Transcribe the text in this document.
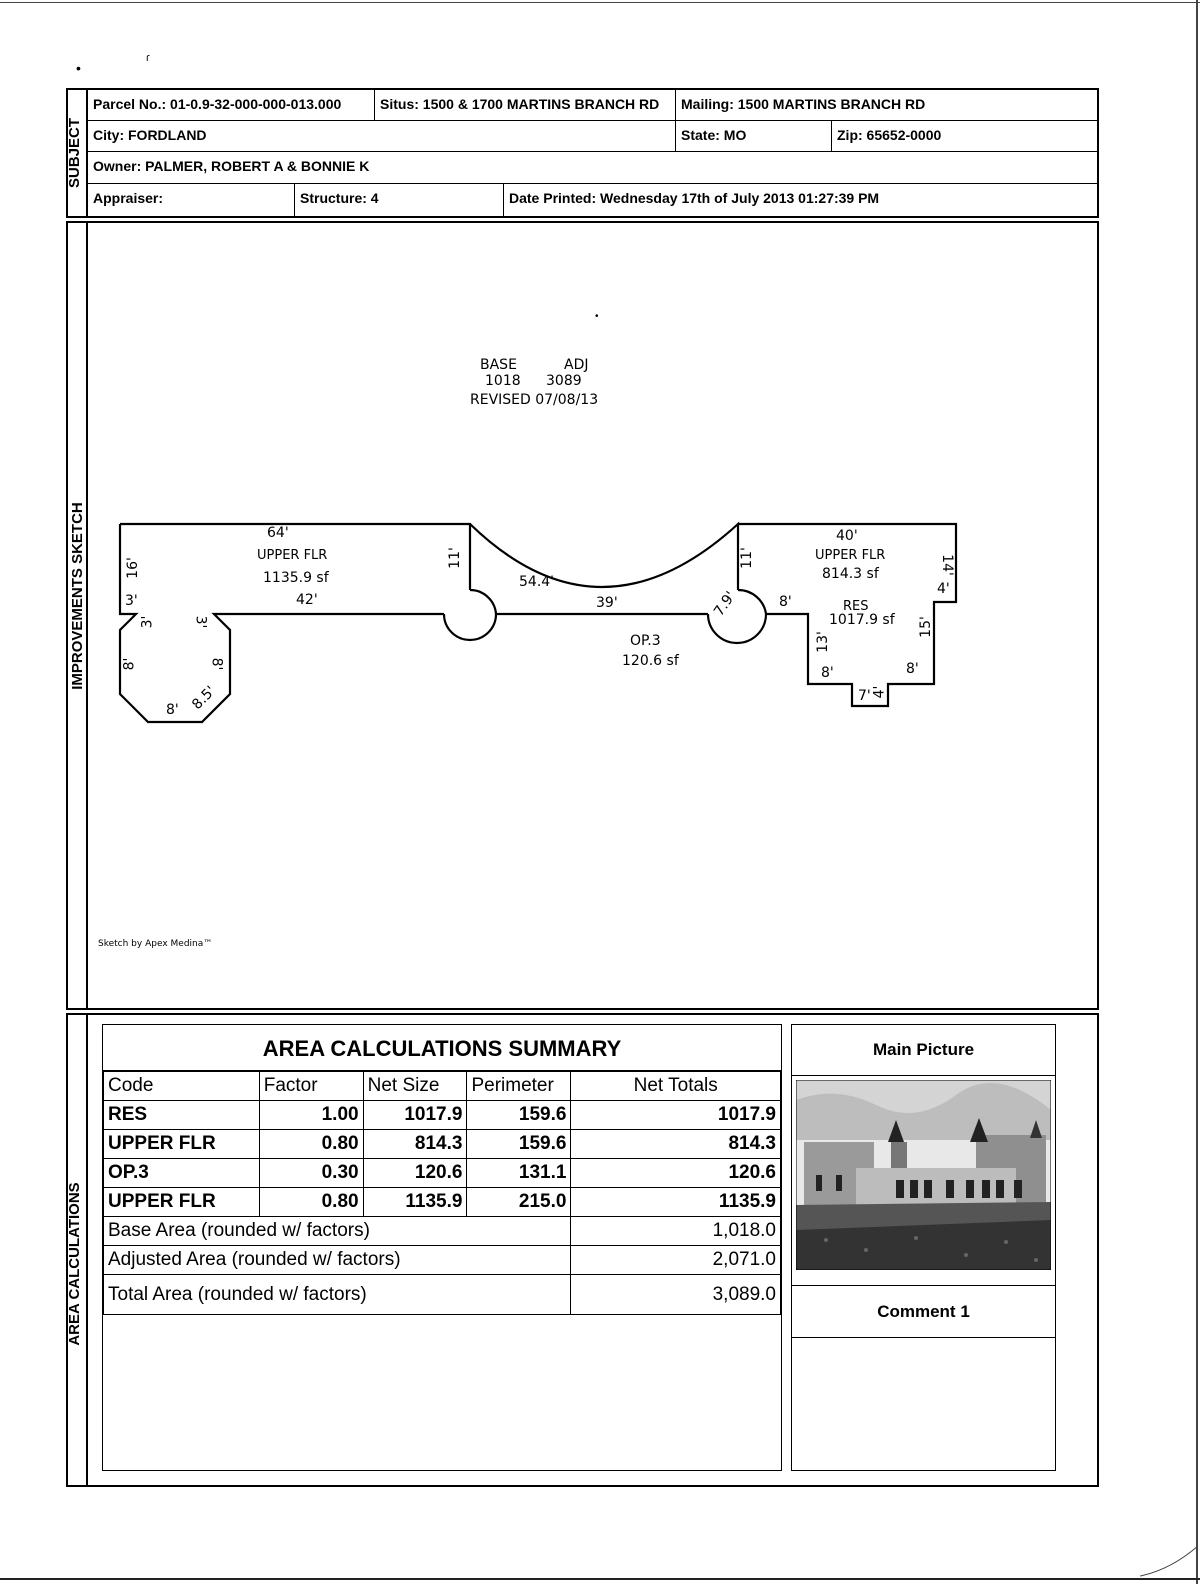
•
ɾ
SUBJECT
Parcel No.: 01-0.9-32-000-000-013.000	Situs: 1500 & 1700 MARTINS BRANCH RD	Mailing: 1500 MARTINS BRANCH RD
City: FORDLAND	State: MO	Zip: 65652-0000
Owner: PALMER, ROBERT A & BONNIE K
Appraiser:	Structure: 4	Date Printed: Wednesday 17th of July 2013 01:27:39 PM
IMPROVEMENTS SKETCH
BASE	ADJ
1018 3089
REVISED 07/08/13
•
UPPER FLR
1135.9 sf
UPPER FLR
814.3 sf
RES
1017.9 sf
OP.3
120.6 sf
64'
42'
16'	11'
3'
3'	3'
8'	8'
8' 8.5'
54.4'
39'	7.9'
11'
40'
14'
4'
8'
15'
13'
8'	8'
7' 4'
Sketch by Apex Medina™
AREA CALCULATIONS
AREA CALCULATIONS SUMMARY
Code	Factor	Net Size	Perimeter	Net Totals
RES	1.00	1017.9	159.6	1017.9
UPPER FLR	0.80	814.3	159.6	814.3
OP.3	0.30	120.6	131.1	120.6
UPPER FLR	0.80	1135.9	215.0	1135.9
Base Area (rounded w/ factors)				1,018.0
Adjusted Area (rounded w/ factors)				2,071.0
Total Area (rounded w/ factors)				3,089.0
Main Picture
Comment 1
